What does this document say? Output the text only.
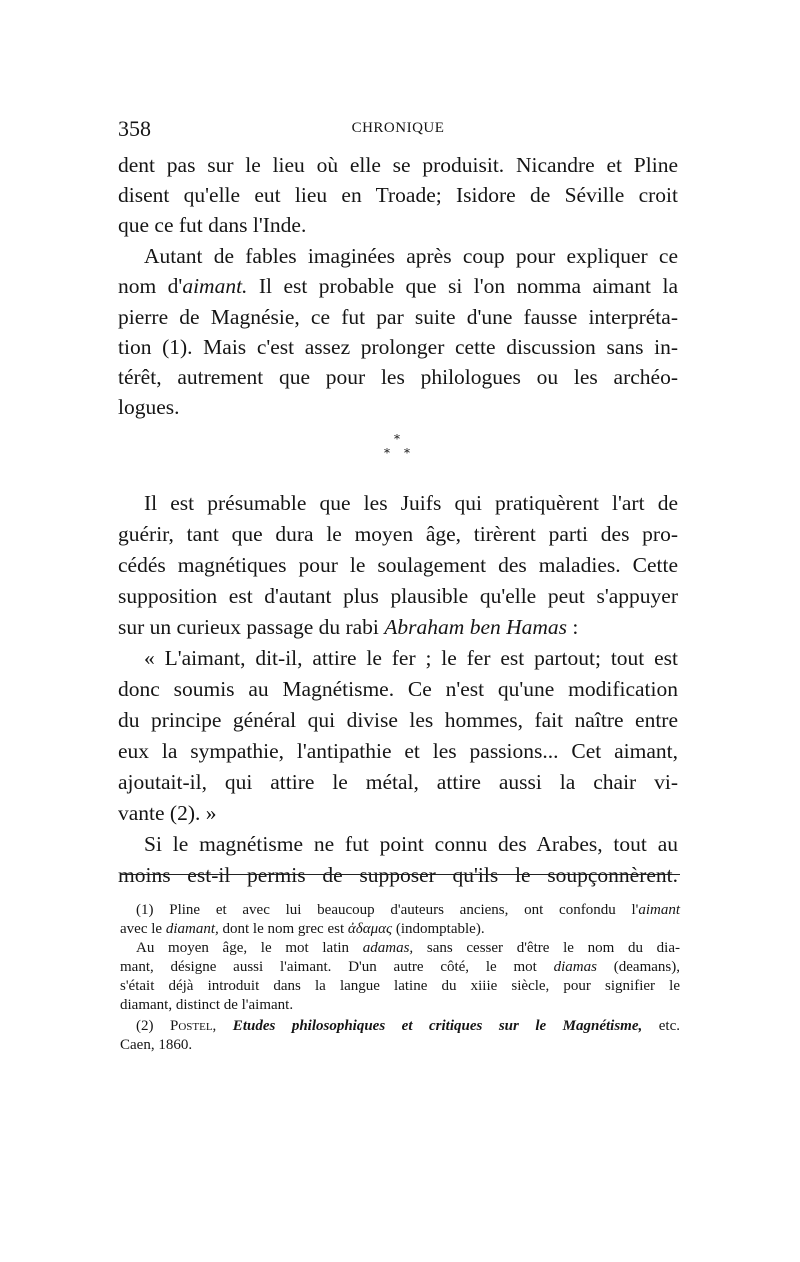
358	CHRONIQUE
dent pas sur le lieu où elle se produisit. Nicandre et Pline
disent qu'elle eut lieu en Troade; Isidore de Séville croit
que ce fut dans l'Inde.
Autant de fables imaginées après coup pour expliquer ce
nom d'aimant. Il est probable que si l'on nomma aimant la
pierre de Magnésie, ce fut par suite d'une fausse interpréta-
tion (1). Mais c'est assez prolonger cette discussion sans in-
térêt, autrement que pour les philologues ou les archéo-
logues.
*
* *
Il est présumable que les Juifs qui pratiquèrent l'art de
guérir, tant que dura le moyen âge, tirèrent parti des pro-
cédés magnétiques pour le soulagement des maladies. Cette
supposition est d'autant plus plausible qu'elle peut s'appuyer
sur un curieux passage du rabi Abraham ben Hamas :
« L'aimant, dit-il, attire le fer ; le fer est partout; tout est
donc soumis au Magnétisme. Ce n'est qu'une modification
du principe général qui divise les hommes, fait naître entre
eux la sympathie, l'antipathie et les passions... Cet aimant,
ajoutait-il, qui attire le métal, attire aussi la chair vi-
vante (2). »
Si le magnétisme ne fut point connu des Arabes, tout au
moins est-il permis de supposer qu'ils le soupçonnèrent.
(1) Pline et avec lui beaucoup d'auteurs anciens, ont confondu l'aimant
avec le diamant, dont le nom grec est ἀδαμας (indomptable).
Au moyen âge, le mot latin adamas, sans cesser d'être le nom du dia-
mant, désigne aussi l'aimant. D'un autre côté, le mot diamas (deamans),
s'était déjà introduit dans la langue latine du xiiie siècle, pour signifier le
diamant, distinct de l'aimant.
(2) Postel, Etudes philosophiques et critiques sur le Magnétisme, etc.
Caen, 1860.
